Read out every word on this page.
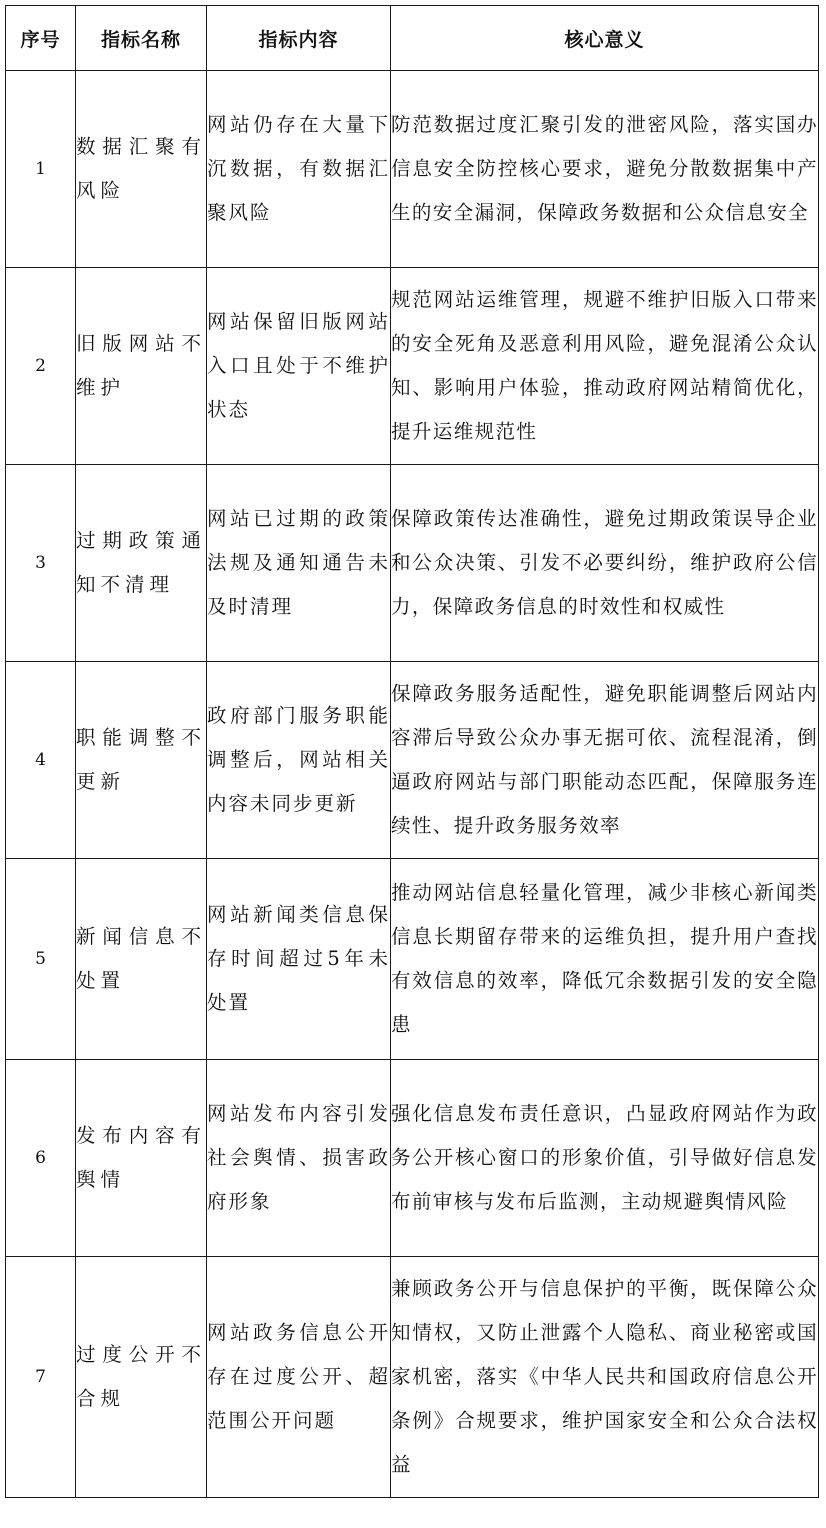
序号	指标名称	指标内容	核心意义
1	数据汇聚有风险	网站仍存在大量下沉数据，有数据汇聚风险	防范数据过度汇聚引发的泄密风险，落实国办信息安全防控核心要求，避免分散数据集中产生的安全漏洞，保障政务数据和公众信息安全
2	旧版网站不维护	网站保留旧版网站入口且处于不维护状态	规范网站运维管理，规避不维护旧版入口带来的安全死角及恶意利用风险，避免混淆公众认知、影响用户体验，推动政府网站精简优化，提升运维规范性
3	过期政策通知不清理	网站已过期的政策法规及通知通告未及时清理	保障政策传达准确性，避免过期政策误导企业和公众决策、引发不必要纠纷，维护政府公信力，保障政务信息的时效性和权威性
4	职能调整不更新	政府部门服务职能调整后，网站相关内容未同步更新	保障政务服务适配性，避免职能调整后网站内容滞后导致公众办事无据可依、流程混淆，倒逼政府网站与部门职能动态匹配，保障服务连续性、提升政务服务效率
5	新闻信息不处置	网站新闻类信息保存时间超过5年未处置	推动网站信息轻量化管理，减少非核心新闻类信息长期留存带来的运维负担，提升用户查找有效信息的效率，降低冗余数据引发的安全隐患
6	发布内容有舆情	网站发布内容引发社会舆情、损害政府形象	强化信息发布责任意识，凸显政府网站作为政务公开核心窗口的形象价值，引导做好信息发布前审核与发布后监测，主动规避舆情风险
7	过度公开不合规	网站政务信息公开存在过度公开、超范围公开问题	兼顾政务公开与信息保护的平衡，既保障公众知情权，又防止泄露个人隐私、商业秘密或国家机密，落实《中华人民共和国政府信息公开条例》合规要求，维护国家安全和公众合法权益
